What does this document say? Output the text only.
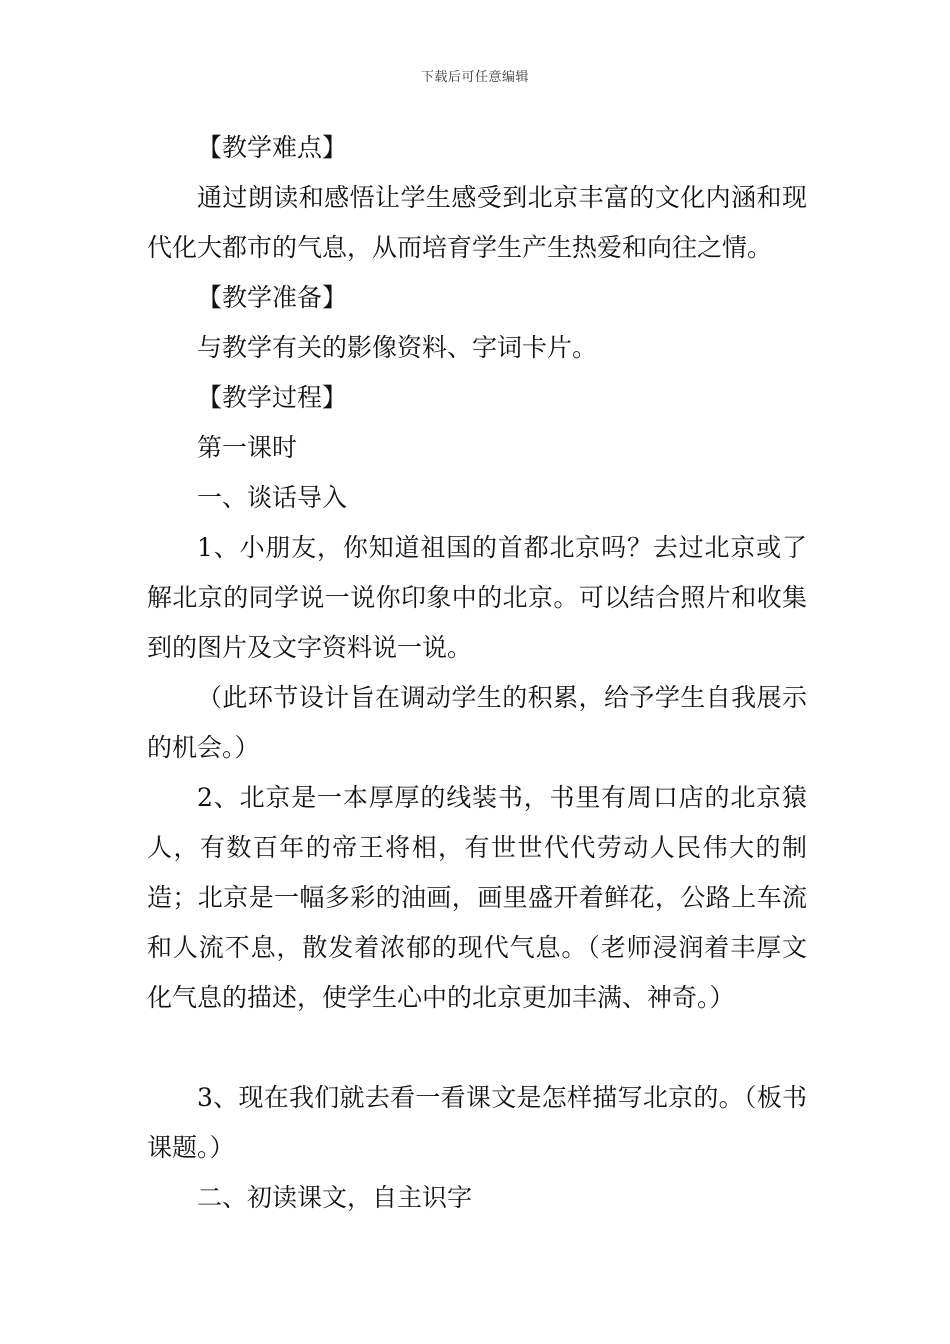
下载后可任意编辑

【教学难点】

通过朗读和感悟让学生感受到北京丰富的文化内涵和现代化大都市的气息，从而培育学生产生热爱和向往之情。

【教学准备】

与教学有关的影像资料、字词卡片。

【教学过程】

第一课时

一、谈话导入

1、小朋友，你知道祖国的首都北京吗？去过北京或了解北京的同学说一说你印象中的北京。可以结合照片和收集到的图片及文字资料说一说。

（此环节设计旨在调动学生的积累，给予学生自我展示的机会。）

2、北京是一本厚厚的线装书，书里有周口店的北京猿人，有数百年的帝王将相，有世世代代劳动人民伟大的制造；北京是一幅多彩的油画，画里盛开着鲜花，公路上车流和人流不息，散发着浓郁的现代气息。（老师浸润着丰厚文化气息的描述，使学生心中的北京更加丰满、神奇。）

3、现在我们就去看一看课文是怎样描写北京的。（板书课题。）

二、初读课文，自主识字
